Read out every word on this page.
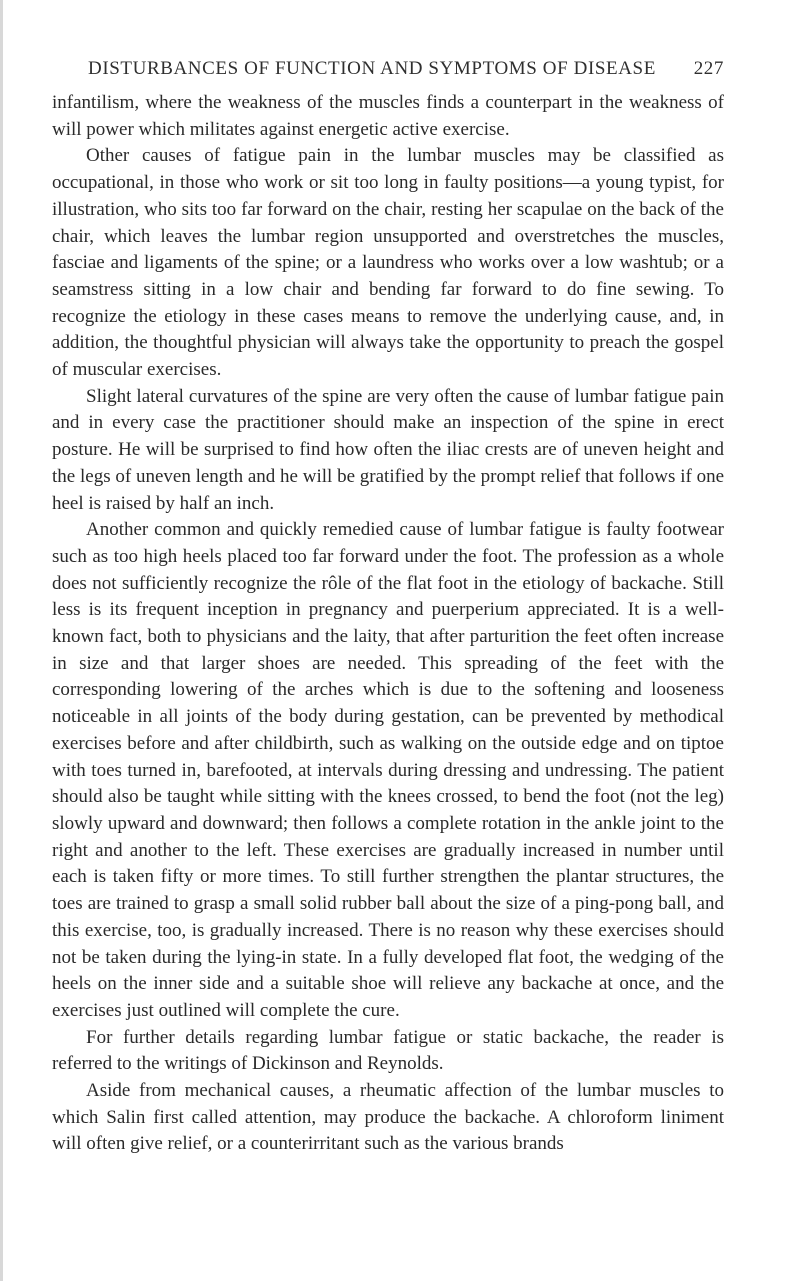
DISTURBANCES OF FUNCTION AND SYMPTOMS OF DISEASE 227

infantilism, where the weakness of the muscles finds a counterpart in the weakness of will power which militates against energetic active exercise.

Other causes of fatigue pain in the lumbar muscles may be classified as occupational, in those who work or sit too long in faulty positions—a young typist, for illustration, who sits too far forward on the chair, resting her scapulae on the back of the chair, which leaves the lumbar region unsupported and overstretches the muscles, fasciae and ligaments of the spine; or a laundress who works over a low washtub; or a seamstress sitting in a low chair and bending far forward to do fine sewing. To recognize the etiology in these cases means to remove the underlying cause, and, in addition, the thoughtful physician will always take the opportunity to preach the gospel of muscular exercises.

Slight lateral curvatures of the spine are very often the cause of lumbar fatigue pain and in every case the practitioner should make an inspection of the spine in erect posture. He will be surprised to find how often the iliac crests are of uneven height and the legs of uneven length and he will be gratified by the prompt relief that follows if one heel is raised by half an inch.

Another common and quickly remedied cause of lumbar fatigue is faulty footwear such as too high heels placed too far forward under the foot. The profession as a whole does not sufficiently recognize the rôle of the flat foot in the etiology of backache. Still less is its frequent inception in pregnancy and puerperium appreciated. It is a well-known fact, both to physicians and the laity, that after parturition the feet often increase in size and that larger shoes are needed. This spreading of the feet with the corresponding lowering of the arches which is due to the softening and looseness noticeable in all joints of the body during gestation, can be prevented by methodical exercises before and after childbirth, such as walking on the outside edge and on tiptoe with toes turned in, barefooted, at intervals during dressing and undressing. The patient should also be taught while sitting with the knees crossed, to bend the foot (not the leg) slowly upward and downward; then follows a complete rotation in the ankle joint to the right and another to the left. These exercises are gradually increased in number until each is taken fifty or more times. To still further strengthen the plantar structures, the toes are trained to grasp a small solid rubber ball about the size of a ping-pong ball, and this exercise, too, is gradually increased. There is no reason why these exercises should not be taken during the lying-in state. In a fully developed flat foot, the wedging of the heels on the inner side and a suitable shoe will relieve any backache at once, and the exercises just outlined will complete the cure.

For further details regarding lumbar fatigue or static backache, the reader is referred to the writings of Dickinson and Reynolds.

Aside from mechanical causes, a rheumatic affection of the lumbar muscles to which Salin first called attention, may produce the backache. A chloroform liniment will often give relief, or a counterirritant such as the various brands
